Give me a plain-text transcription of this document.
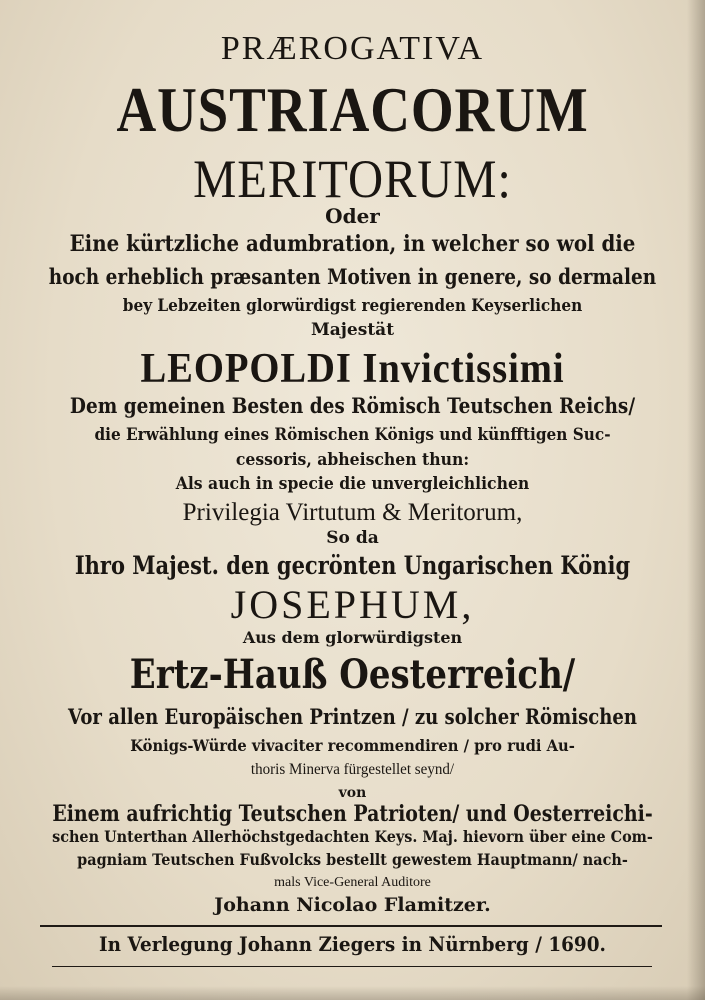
PRÆROGATIVA
AUSTRIACORUM
MERITORUM:
Oder
Eine kürtzliche adumbration, in welcher so wol die
hoch erheblich præsanten Motiven in genere, so dermalen
bey Lebzeiten glorwürdigst regierenden Keyserlichen
Majestät
LEOPOLDI Invictissimi
Dem gemeinen Besten des Römisch Teutschen Reichs/
die Erwählung eines Römischen Königs und künfftigen Suc-
cessoris, abheischen thun:
Als auch in specie die unvergleichlichen
Privilegia Virtutum & Meritorum,
So da
Ihro Majest. den gecrönten Ungarischen König
JOSEPHUM,
Aus dem glorwürdigsten
Ertz-Hauß Oesterreich/
Vor allen Europäischen Printzen / zu solcher Römischen
Königs-Würde vivaciter recommendiren / pro rudi Au-
thoris Minerva fürgestellet seynd/
von
Einem aufrichtig Teutschen Patrioten/ und Oesterreichi-
schen Unterthan Allerhöchstgedachten Keys. Maj. hievorn über eine Com-
pagniam Teutschen Fußvolcks bestellt gewestem Hauptmann/ nach-
mals Vice-General Auditore
Johann Nicolao Flamitzer.
In Verlegung Johann Ziegers in Nürnberg / 1690.
